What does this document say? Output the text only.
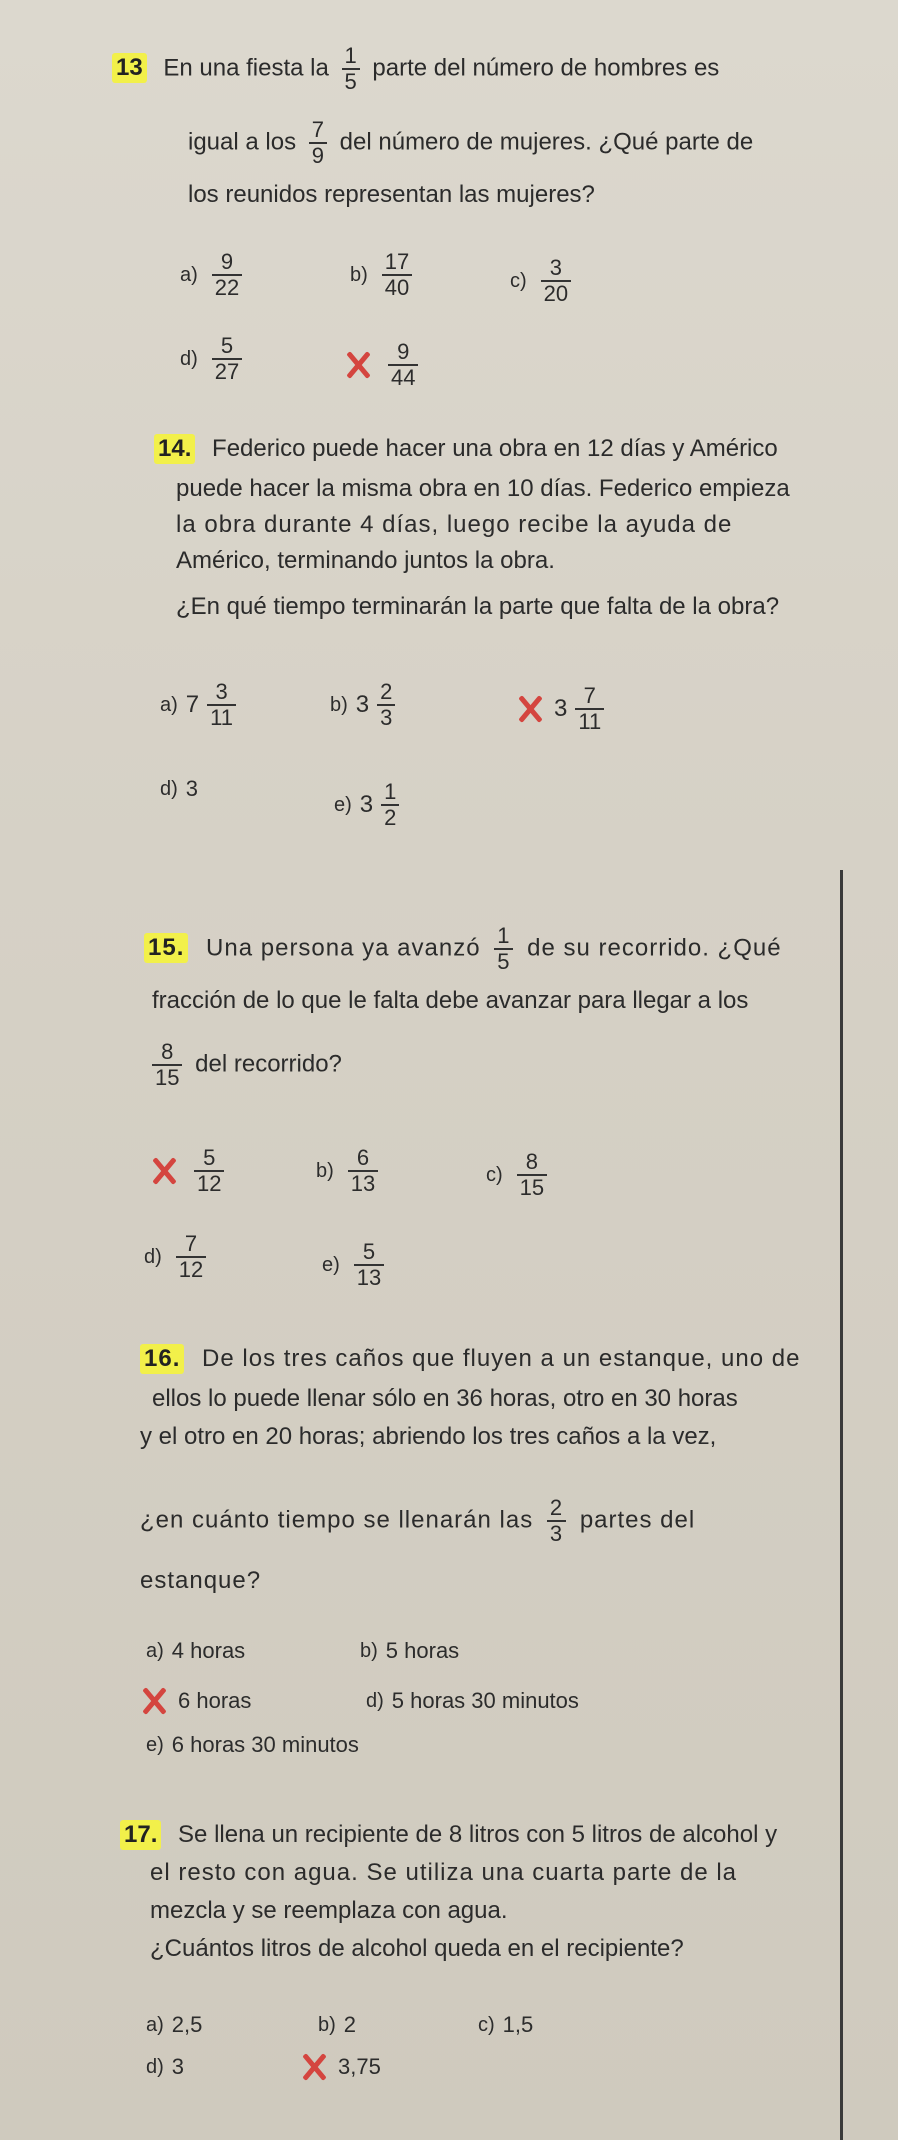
13 En una fiesta la $\frac{1}{5}$ parte del número de hombres es
igual a los $\frac{7}{9}$ del número de mujeres. ¿Qué parte de
los reunidos representan las mujeres?
$a) \frac{9}{22}$	$b) \frac{17}{40}$	$c) \frac{3}{20}$
$d) \frac{5}{27}$	$\frac{9}{44}$
14. Federico puede hacer una obra en 12 días y Américo
puede hacer la misma obra en 10 días. Federico empieza
la obra durante 4 días, luego recibe la ayuda de
Américo, terminando juntos la obra.
¿En qué tiempo terminarán la parte que falta de la obra?
a) $7 \frac{3}{11}$	b) $3 \frac{2}{3}$	$3 \frac{7}{11}$
d) 3
e) $3 \frac{1}{2}$
15. Una persona ya avanzó $\frac{1}{5}$ de su recorrido. ¿Qué
fracción de lo que le falta debe avanzar para llegar a los
$\frac{8}{15}$ del recorrido?
$\frac{5}{12}$	$b) \frac{6}{13}$	$c) \frac{8}{15}$
$d) \frac{7}{12}$	$e) \frac{5}{13}$
16. De los tres caños que fluyen a un estanque, uno de
ellos lo puede llenar sólo en 36 horas, otro en 30 horas
y el otro en 20 horas; abriendo los tres caños a la vez,
¿en cuánto tiempo se llenarán las $\frac{2}{3}$ partes del
estanque?
a) 4 horas	b) 5 horas
6 horas	d) 5 horas 30 minutos
e) 6 horas 30 minutos
17. Se llena un recipiente de 8 litros con 5 litros de alcohol y
el resto con agua. Se utiliza una cuarta parte de la
mezcla y se reemplaza con agua.
¿Cuántos litros de alcohol queda en el recipiente?
a) 2,5	b) 2	c) 1,5
d) 3	3,75
